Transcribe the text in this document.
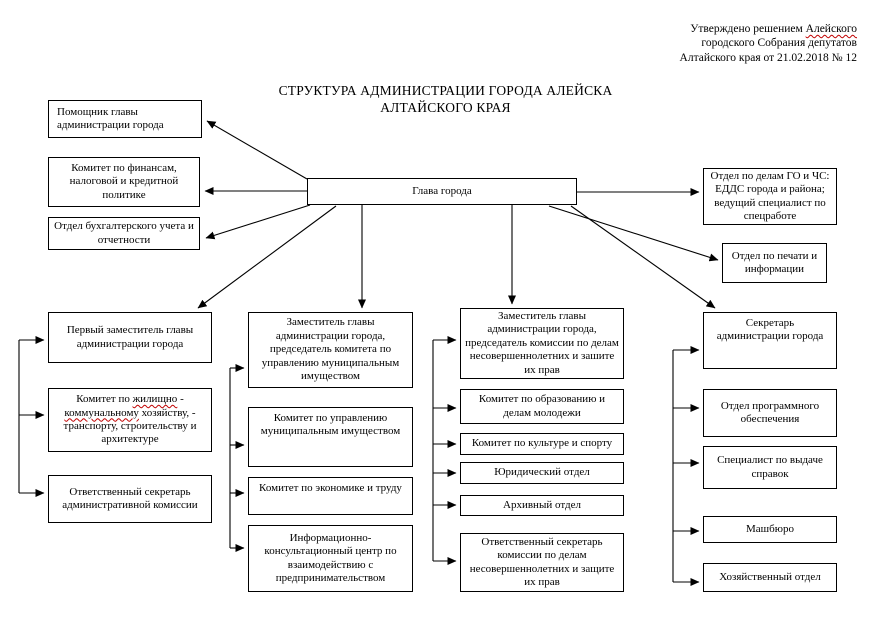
Утверждено решением Алейского
городского Собрания депутатов
Алтайского края от 21.02.2018 № 12
СТРУКТУРА АДМИНИСТРАЦИИ ГОРОДА АЛЕЙСКА
АЛТАЙСКОГО КРАЯ
Глава города
Помощник главы администрации города
Комитет по финансам, налоговой и кредитной политике
Отдел бухгалтерского учета и отчетности
Отдел по делам ГО и ЧС: ЕДДС города и района; ведущий специалист по спецработе
Отдел по печати и информации
Первый заместитель главы администрации города
Комитет по жилищно - коммунальному хозяйству, - транспорту, строительству и архитектуре
Ответственный секретарь административной комиссии
Заместитель главы администрации города, председатель комитета по управлению муниципальным имуществом
Комитет по управлению муниципальным имуществом
Комитет по экономике и труду
Информационно-консультационный центр по взаимодействию с предпринимательством
Заместитель главы администрации города, председатель комиссии по делам несовершеннолетних и зашите их прав
Комитет по образованию и делам молодежи
Комитет по культуре и спорту
Юридический отдел
Архивный отдел
Ответственный секретарь комиссии по делам несовершеннолетних и защите их прав
Секретарь администрации города
Отдел программного обеспечения
Специалист по выдаче справок
Машбюро
Хозяйственный отдел
